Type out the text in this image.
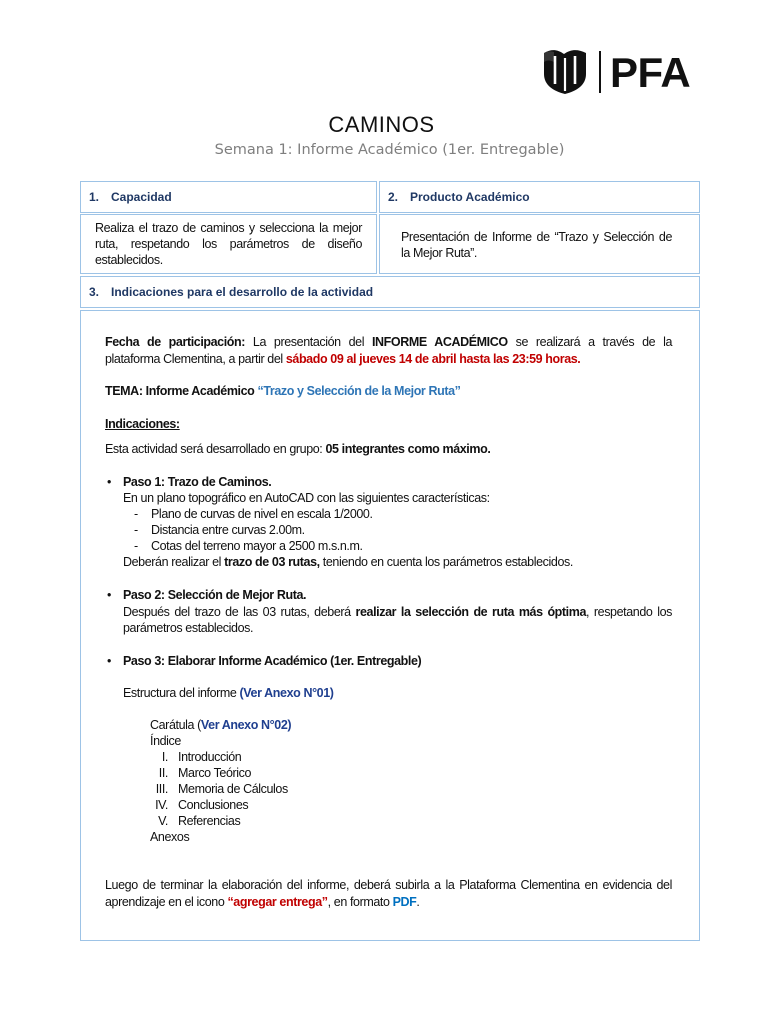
PFA
CAMINOS
Semana 1: Informe Académico (1er. Entregable)
1. Capacidad	2. Producto Académico
Realiza el trazo de caminos y selecciona la mejor
ruta, respetando los parámetros de diseño
establecidos.
Presentación de Informe de “Trazo y Selección de
la Mejor Ruta”.
3. Indicaciones para el desarrollo de la actividad
Fecha de participación: La presentación del INFORME ACADÉMICO se realizará a través de la
plataforma Clementina, a partir del sábado 09 al jueves 14 de abril hasta las 23:59 horas.
TEMA: Informe Académico “Trazo y Selección de la Mejor Ruta”
Indicaciones:
Esta actividad será desarrollado en grupo: 05 integrantes como máximo.
• Paso 1: Trazo de Caminos.
En un plano topográfico en AutoCAD con las siguientes características:
- Plano de curvas de nivel en escala 1/2000.
- Distancia entre curvas 2.00m.
- Cotas del terreno mayor a 2500 m.s.n.m.
Deberán realizar el trazo de 03 rutas, teniendo en cuenta los parámetros establecidos.
• Paso 2: Selección de Mejor Ruta.
Después del trazo de las 03 rutas, deberá realizar la selección de ruta más óptima, respetando los
parámetros establecidos.
• Paso 3: Elaborar Informe Académico (1er. Entregable)
Estructura del informe (Ver Anexo N°01)
Carátula (Ver Anexo N°02)
Índice
I. Introducción
II. Marco Teórico
III. Memoria de Cálculos
IV. Conclusiones
V. Referencias
Anexos
Luego de terminar la elaboración del informe, deberá subirla a la Plataforma Clementina en evidencia del
aprendizaje en el icono “agregar entrega”, en formato PDF.
